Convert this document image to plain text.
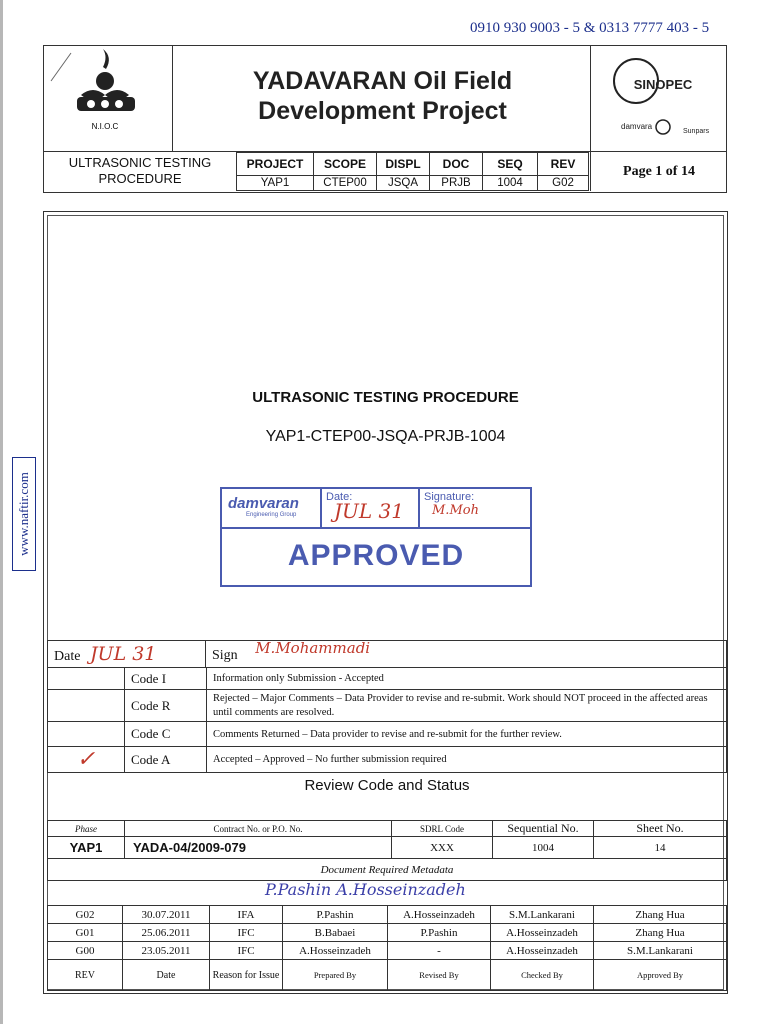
0910 930 9003 - 5 & 0313 7777 403 - 5
www.naftir.com
N.I.O.C
YADAVARAN Oil Field
Development Project
SINOPEC
damvara
Sunpars
ULTRASONIC TESTING PROCEDURE
PROJECT	SCOPE	DISPL	DOC	SEQ	REV
YAP1	CTEP00	JSQA	PRJB	1004	G02
Page 1 of 14
ULTRASONIC TESTING PROCEDURE
YAP1-CTEP00-JSQA-PRJB-1004
damvaran
Engineering Group
Date:
JUL 31
Signature:
M.Moh
APPROVED
Date JUL 31	Sign M.Mohammadi
	Code I	Information only Submission - Accepted
	Code R	Rejected – Major Comments – Data Provider to revise and re-submit. Work should NOT proceed in the affected areas until comments are resolved.
	Code C	Comments Returned – Data provider to revise and re-submit for the further review.
✓	Code A	Accepted – Approved – No further submission required
Review Code and Status
Phase	Contract No. or P.O. No.	SDRL Code	Sequential No.	Sheet No.
YAP1	YADA-04/2009-079	XXX	1004	14
Document Required Metadata				
P.Pashin A.Hosseinzadeh
G02	30.07.2011	IFA	P.Pashin	A.Hosseinzadeh	S.M.Lankarani	Zhang Hua
G01	25.06.2011	IFC	B.Babaei	P.Pashin	A.Hosseinzadeh	Zhang Hua
G00	23.05.2011	IFC	A.Hosseinzadeh	-	A.Hosseinzadeh	S.M.Lankarani
REV	Date	Reason for Issue	Prepared By	Revised By	Checked By	Approved By
